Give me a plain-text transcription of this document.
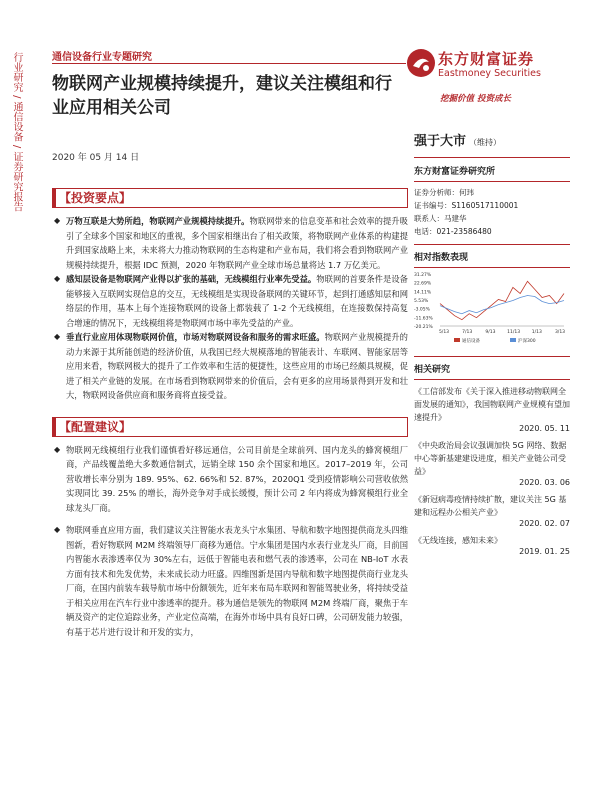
行业研究 / 通信设备 / 证券研究报告	通信设备行业专题研究
物联网产业规模持续提升，建议关注模组和行业应用相关公司
2020 年 05 月 14 日
东方财富证券
Eastmoney Securities
挖掘价值 投资成长
强于大市 （维持）
东方财富证券研究所
证券分析师：何玮
证书编号：S1160517110001
联系人：马建华
电话：021-23586480
相对指数表现
31.27%
22.69%
14.11%
5.53%
-3.05%
-11.63%
-20.21%
5/13	7/13	9/13	11/13	1/13	3/13
通信设备	沪深300
相关研究
《工信部发布《关于深入推进移动物联网全面发展的通知》，我国物联网产业规模有望加速提升》
2020. 05. 11
《中央政治局会议强调加快 5G 网络、数据中心等新基建建设进度，相关产业链公司受益》
2020. 03. 06
《新冠病毒疫情持续扩散，建议关注 5G 基建和远程办公相关产业》
2020. 02. 07
《无线连接，感知未来》
2019. 01. 25
【投资要点】
◆ 万物互联是大势所趋，物联网产业规模持续提升。物联网带来的信息变革和社会效率的提升吸引了全球多个国家和地区的重视，多个国家相继出台了相关政策，将物联网产业体系的构建提升到国家战略上来，未来将大力推动物联网的生态构建和产业布局，我们将会看到物联网产业规模持续提升，根据 IDC 预测，2020 年物联网产业全球市场总量将达 1.7 万亿美元。
◆ 感知层设备是物联网产业得以扩张的基础，无线模组行业率先受益。物联网的首要条件是设备能够接入互联网实现信息的交互，无线模组是实现设备联网的关键环节，起到打通感知层和网络层的作用，基本上每个连接物联网的设备上都装载了 1-2 个无线模组，在连接数保持高复合增速的情况下，无线模组将是物联网市场中率先受益的产业。
◆ 垂直行业应用体现物联网价值，市场对物联网设备和服务的需求旺盛。物联网产业规模提升的动力来源于其所能创造的经济价值，从我国已经大规模落地的智能表计、车联网、智能家居等应用来看，物联网极大的提升了工作效率和生活的便捷性，这些应用的市场已经颇具规模，促进了相关产业链的发展。在市场看到物联网带来的价值后，会有更多的应用场景得到开发和壮大，物联网设备供应商和服务商将直接受益。
【配置建议】
◆ 物联网无线模组行业我们谨慎看好移远通信，公司目前是全球前列、国内龙头的蜂窝模组厂商，产品线覆盖绝大多数通信制式，远销全球 150 余个国家和地区。2017–2019 年，公司营收增长率分别为 189. 95%、62. 66%和 52. 87%，2020Q1 受到疫情影响公司营收依然实现同比 39. 25% 的增长，海外竞争对手成长缓慢，预计公司 2 年内将成为蜂窝模组行业全球龙头厂商。
◆ 物联网垂直应用方面，我们建议关注智能水表龙头宁水集团、导航和数字地图提供商龙头四维图新，看好物联网 M2M 终端领导厂商移为通信。宁水集团是国内水表行业龙头厂商，目前国内智能水表渗透率仅为 30%左右，远低于智能电表和燃气表的渗透率，公司在 NB-IoT 水表方面有技术和先发优势，未来成长动力旺盛。四维图新是国内导航和数字地图提供商行业龙头厂商，在国内前装车载导航市场中份额领先，近年来布局车联网和智能驾驶业务，将持续受益于相关应用在汽车行业中渗透率的提升。移为通信是领先的物联网 M2M 终端厂商，聚焦于车辆及资产的定位追踪业务，产业定位高端，在海外市场中具有良好口碑，公司研发能力较强，有基于芯片进行设计和开发的实力，
